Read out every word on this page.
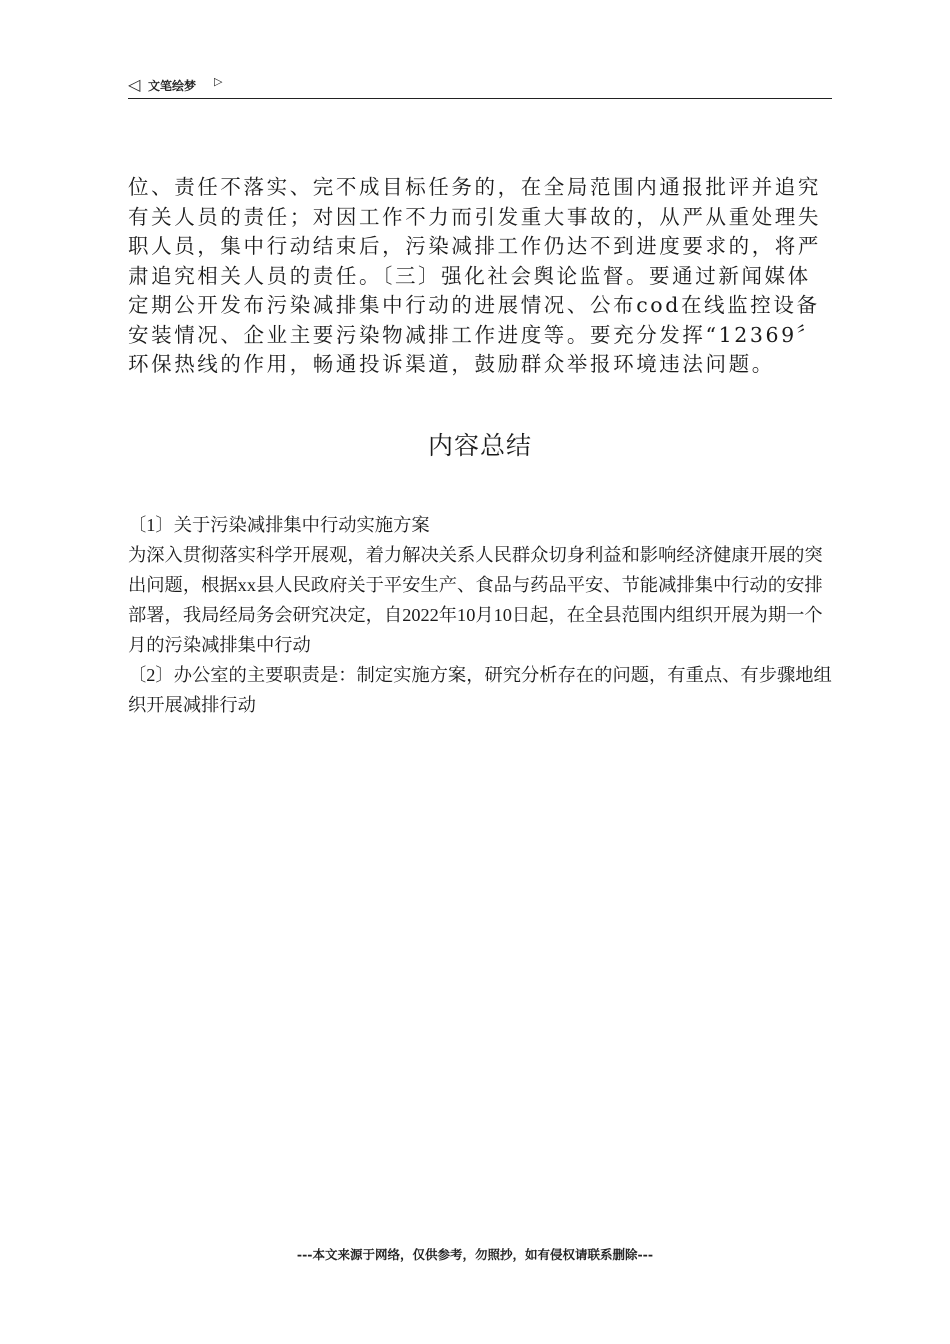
◁ 文笔绘梦 ▷

位、责任不落实、完不成目标任务的，在全局范围内通报批评并追究有关人员的责任；对因工作不力而引发重大事故的，从严从重处理失职人员，集中行动结束后，污染减排工作仍达不到进度要求的，将严肃追究相关人员的责任。〔三〕强化社会舆论监督。要通过新闻媒体定期公开发布污染减排集中行动的进展情况、公布cod在线监控设备安装情况、企业主要污染物减排工作进度等。要充分发挥“12369〞环保热线的作用，畅通投诉渠道，鼓励群众举报环境违法问题。

内容总结

〔1〕关于污染减排集中行动实施方案

为深入贯彻落实科学开展观，着力解决关系人民群众切身利益和影响经济健康开展的突出问题，根据xx县人民政府关于平安生产、食品与药品平安、节能减排集中行动的安排部署，我局经局务会研究决定，自2022年10月10日起，在全县范围内组织开展为期一个月的污染减排集中行动

〔2〕办公室的主要职责是：制定实施方案，研究分析存在的问题，有重点、有步骤地组织开展减排行动

---本文来源于网络，仅供参考，勿照抄，如有侵权请联系删除---
